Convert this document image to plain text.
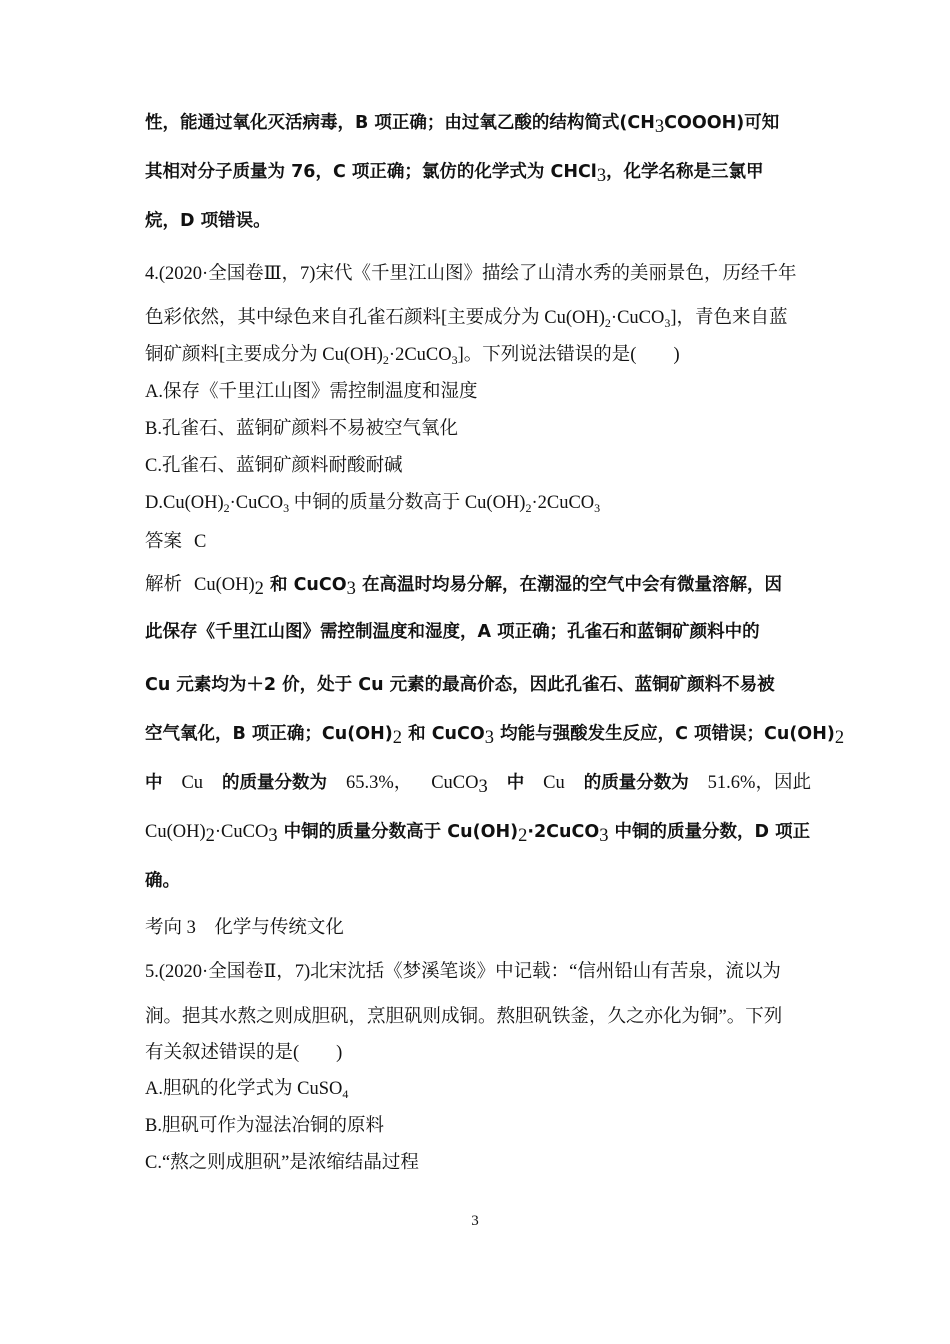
性，能通过氧化灭活病毒，B 项正确；由过氧乙酸的结构简式$(CH_3COOOH)$可知
其相对分子质量为 76，C 项正确；氯仿的化学式为 CHCl$_3$，化学名称是三氯甲
烷，D 项错误。
4.(2020·全国卷Ⅲ，7)宋代《千里江山图》描绘了山清水秀的美丽景色，历经千年
色彩依然，其中绿色来自孔雀石颜料[主要成分为 $Cu(OH)_2\cdot CuCO_3$]，青色来自蓝
铜矿颜料[主要成分为 $Cu(OH)_2\cdot 2CuCO_3$]。下列说法错误的是(　　)
A.保存《千里江山图》需控制温度和湿度
B.孔雀石、蓝铜矿颜料不易被空气氧化
C.孔雀石、蓝铜矿颜料耐酸耐碱
$D.Cu(OH)_2\cdot CuCO_3$ 中铜的质量分数高于 $Cu(OH)_2\cdot 2CuCO_3$
答案 C
解析 $Cu(OH)_2$ 和 CuCO$_3$ 在高温时均易分解，在潮湿的空气中会有微量溶解，因
此保存《千里江山图》需控制温度和湿度，A 项正确；孔雀石和蓝铜矿颜料中的
Cu 元素均为＋2 价，处于 Cu 元素的最高价态，因此孔雀石、蓝铜矿颜料不易被
空气氧化，B 项正确；$Cu(OH)_2$ 和 CuCO$_3$ 均能与强酸发生反应，C 项错误；$Cu(OH)_2$
中 Cu 的质量分数为 65.3%， CuCO$_3$ 中 Cu 的质量分数为 51.6%，因此
$Cu(OH)_2\cdot CuCO_3$ 中铜的质量分数高于 $Cu(OH)_2\cdot 2CuCO_3$ 中铜的质量分数，D 项正
确。
考向 3　化学与传统文化
5.(2020·全国卷Ⅱ，7)北宋沈括《梦溪笔谈》中记载：“信州铅山有苦泉，流以为
涧。挹其水熬之则成胆矾，烹胆矾则成铜。熬胆矾铁釜，久之亦化为铜”。下列
有关叙述错误的是(　　)
A.胆矾的化学式为 CuSO$_4$
B.胆矾可作为湿法冶铜的原料
C.“熬之则成胆矾”是浓缩结晶过程
3
